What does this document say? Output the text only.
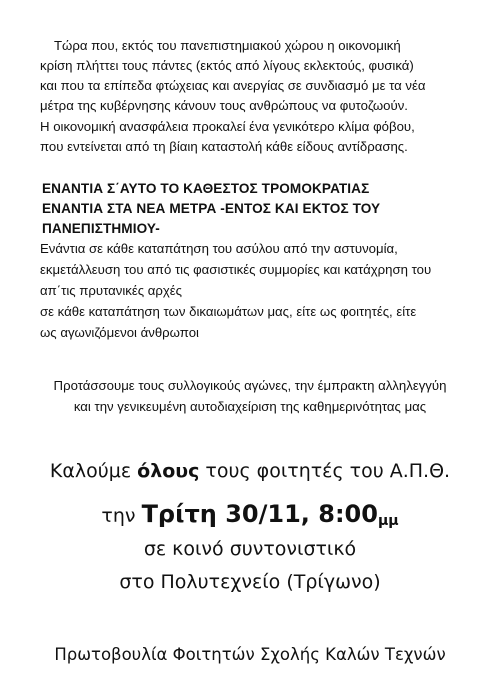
Τώρα που, εκτός του πανεπιστημιακού χώρου η οικονομική
κρίση πλήττει τους πάντες (εκτός από λίγους εκλεκτούς, φυσικά)
και που τα επίπεδα φτώχειας και ανεργίας σε συνδιασμό με τα νέα
μέτρα της κυβέρνησης κάνουν τους ανθρώπους να φυτοζωούν.
Η οικονομική ανασφάλεια προκαλεί ένα γενικότερο κλίμα φόβου,
που εντείνεται από τη βίαιη καταστολή κάθε είδους αντίδρασης.
ΕΝΑΝΤΙΑ Σ΄ΑΥΤΟ ΤΟ ΚΑΘΕΣΤΟΣ ΤΡΟΜΟΚΡΑΤΙΑΣ
ΕΝΑΝΤΙΑ ΣΤΑ ΝΕΑ ΜΕΤΡΑ -ΕΝΤΟΣ ΚΑΙ ΕΚΤΟΣ ΤΟΥ
ΠΑΝΕΠΙΣΤΗΜΙΟΥ-
Ενάντια σε κάθε καταπάτηση του ασύλου από την αστυνομία,
εκμετάλλευση του από τις φασιστικές συμμορίες και κατάχρηση του
απ΄τις πρυτανικές αρχές
σε κάθε καταπάτηση των δικαιωμάτων μας, είτε ως φοιτητές, είτε
ως αγωνιζόμενοι άνθρωποι
Προτάσσουμε τους συλλογικούς αγώνες, την έμπρακτη αλληλεγγύη
και την γενικευμένη αυτοδιαχείριση της καθημερινότητας μας
Καλούμε όλους τους φοιτητές του Α.Π.Θ.
την Τρίτη 30/11, 8:00μμ
σε κοινό συντονιστικό
στο Πολυτεχνείο (Τρίγωνο)
Πρωτοβουλία Φοιτητών Σχολής Καλών Τεχνών
